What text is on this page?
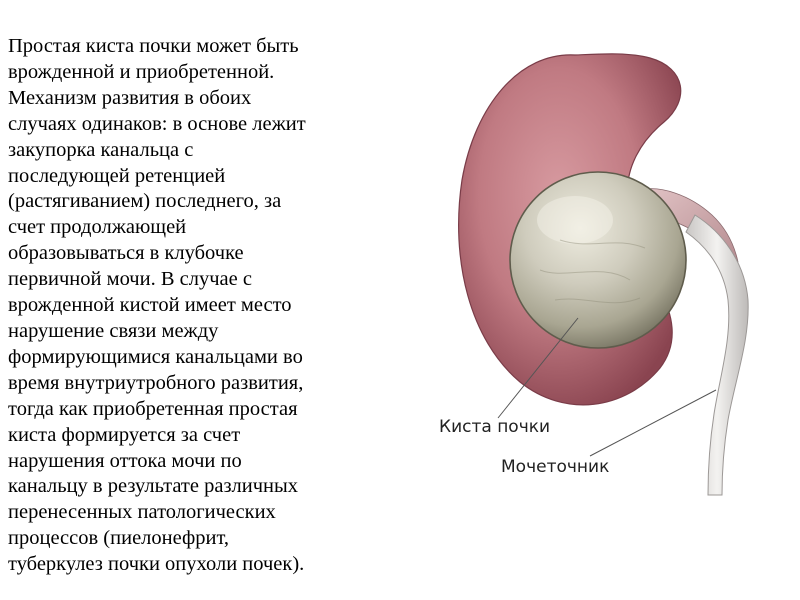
Простая киста почки может быть
врожденной и приобретенной.
Механизм развития в обоих
случаях одинаков: в основе лежит
закупорка канальца с
последующей ретенцией
(растягиванием) последнего, за
счет продолжающей
образовываться в клубочке
первичной мочи. В случае с
врожденной кистой имеет место
нарушение связи между
формирующимися канальцами во
время внутриутробного развития,
тогда как приобретенная простая
киста формируется за счет
нарушения оттока мочи по
канальцу в результате различных
перенесенных патологических
процессов (пиелонефрит,
туберкулез почки опухоли почек).

Киста почки
Мочеточник
